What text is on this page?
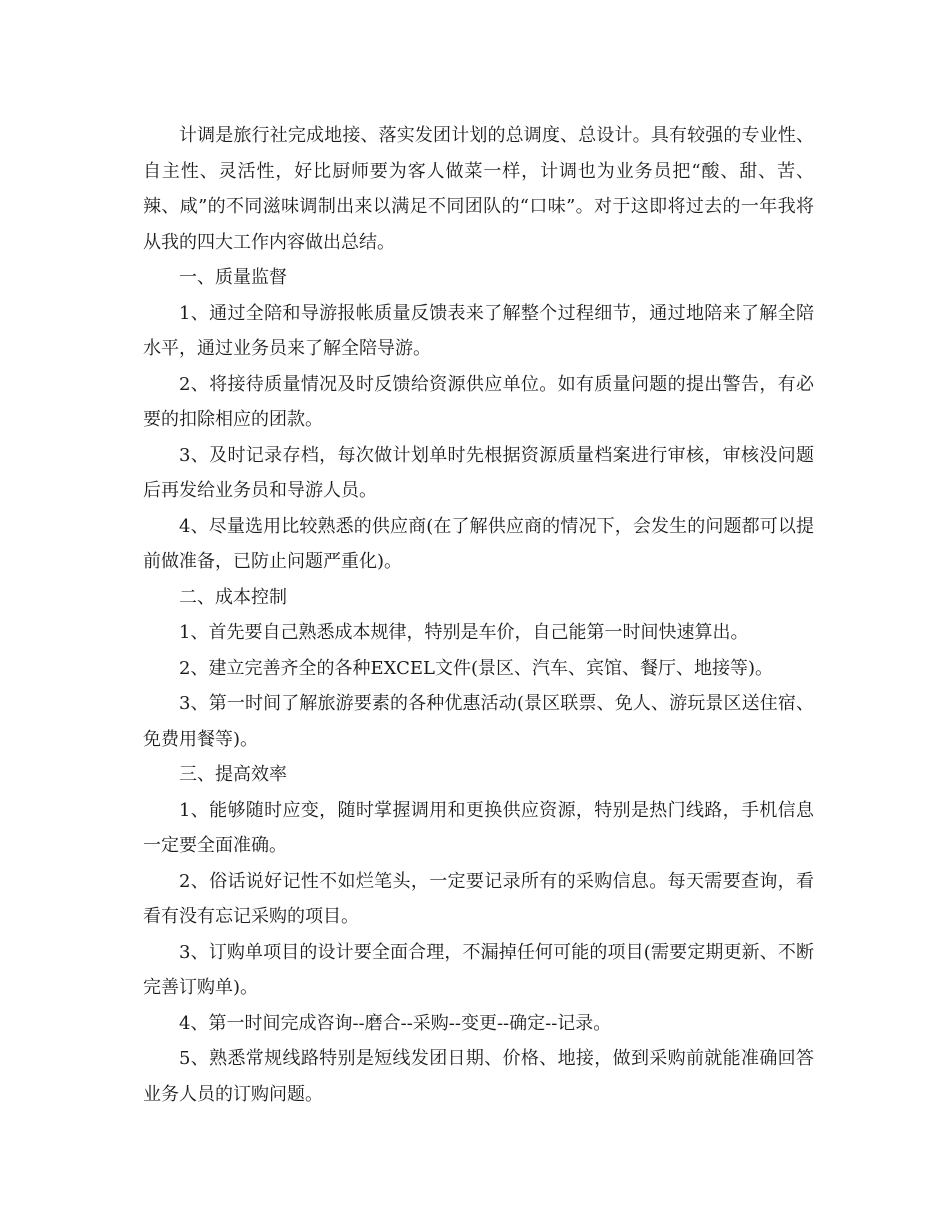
计调是旅行社完成地接、落实发团计划的总调度、总设计。具有较强的专业性、自主性、灵活性，好比厨师要为客人做菜一样，计调也为业务员把“酸、甜、苦、辣、咸”的不同滋味调制出来以满足不同团队的“口味”。对于这即将过去的一年我将从我的四大工作内容做出总结。

一、质量监督

1、通过全陪和导游报帐质量反馈表来了解整个过程细节，通过地陪来了解全陪水平，通过业务员来了解全陪导游。

2、将接待质量情况及时反馈给资源供应单位。如有质量问题的提出警告，有必要的扣除相应的团款。

3、及时记录存档，每次做计划单时先根据资源质量档案进行审核，审核没问题后再发给业务员和导游人员。

4、尽量选用比较熟悉的供应商(在了解供应商的情况下，会发生的问题都可以提前做准备，已防止问题严重化)。

二、成本控制

1、首先要自己熟悉成本规律，特别是车价，自己能第一时间快速算出。

2、建立完善齐全的各种EXCEL文件(景区、汽车、宾馆、餐厅、地接等)。

3、第一时间了解旅游要素的各种优惠活动(景区联票、免人、游玩景区送住宿、免费用餐等)。

三、提高效率

1、能够随时应变，随时掌握调用和更换供应资源，特别是热门线路，手机信息一定要全面准确。

2、俗话说好记性不如烂笔头，一定要记录所有的采购信息。每天需要查询，看看有没有忘记采购的项目。

3、订购单项目的设计要全面合理，不漏掉任何可能的项目(需要定期更新、不断完善订购单)。

4、第一时间完成咨询--磨合--采购--变更--确定--记录。

5、熟悉常规线路特别是短线发团日期、价格、地接，做到采购前就能准确回答业务人员的订购问题。
